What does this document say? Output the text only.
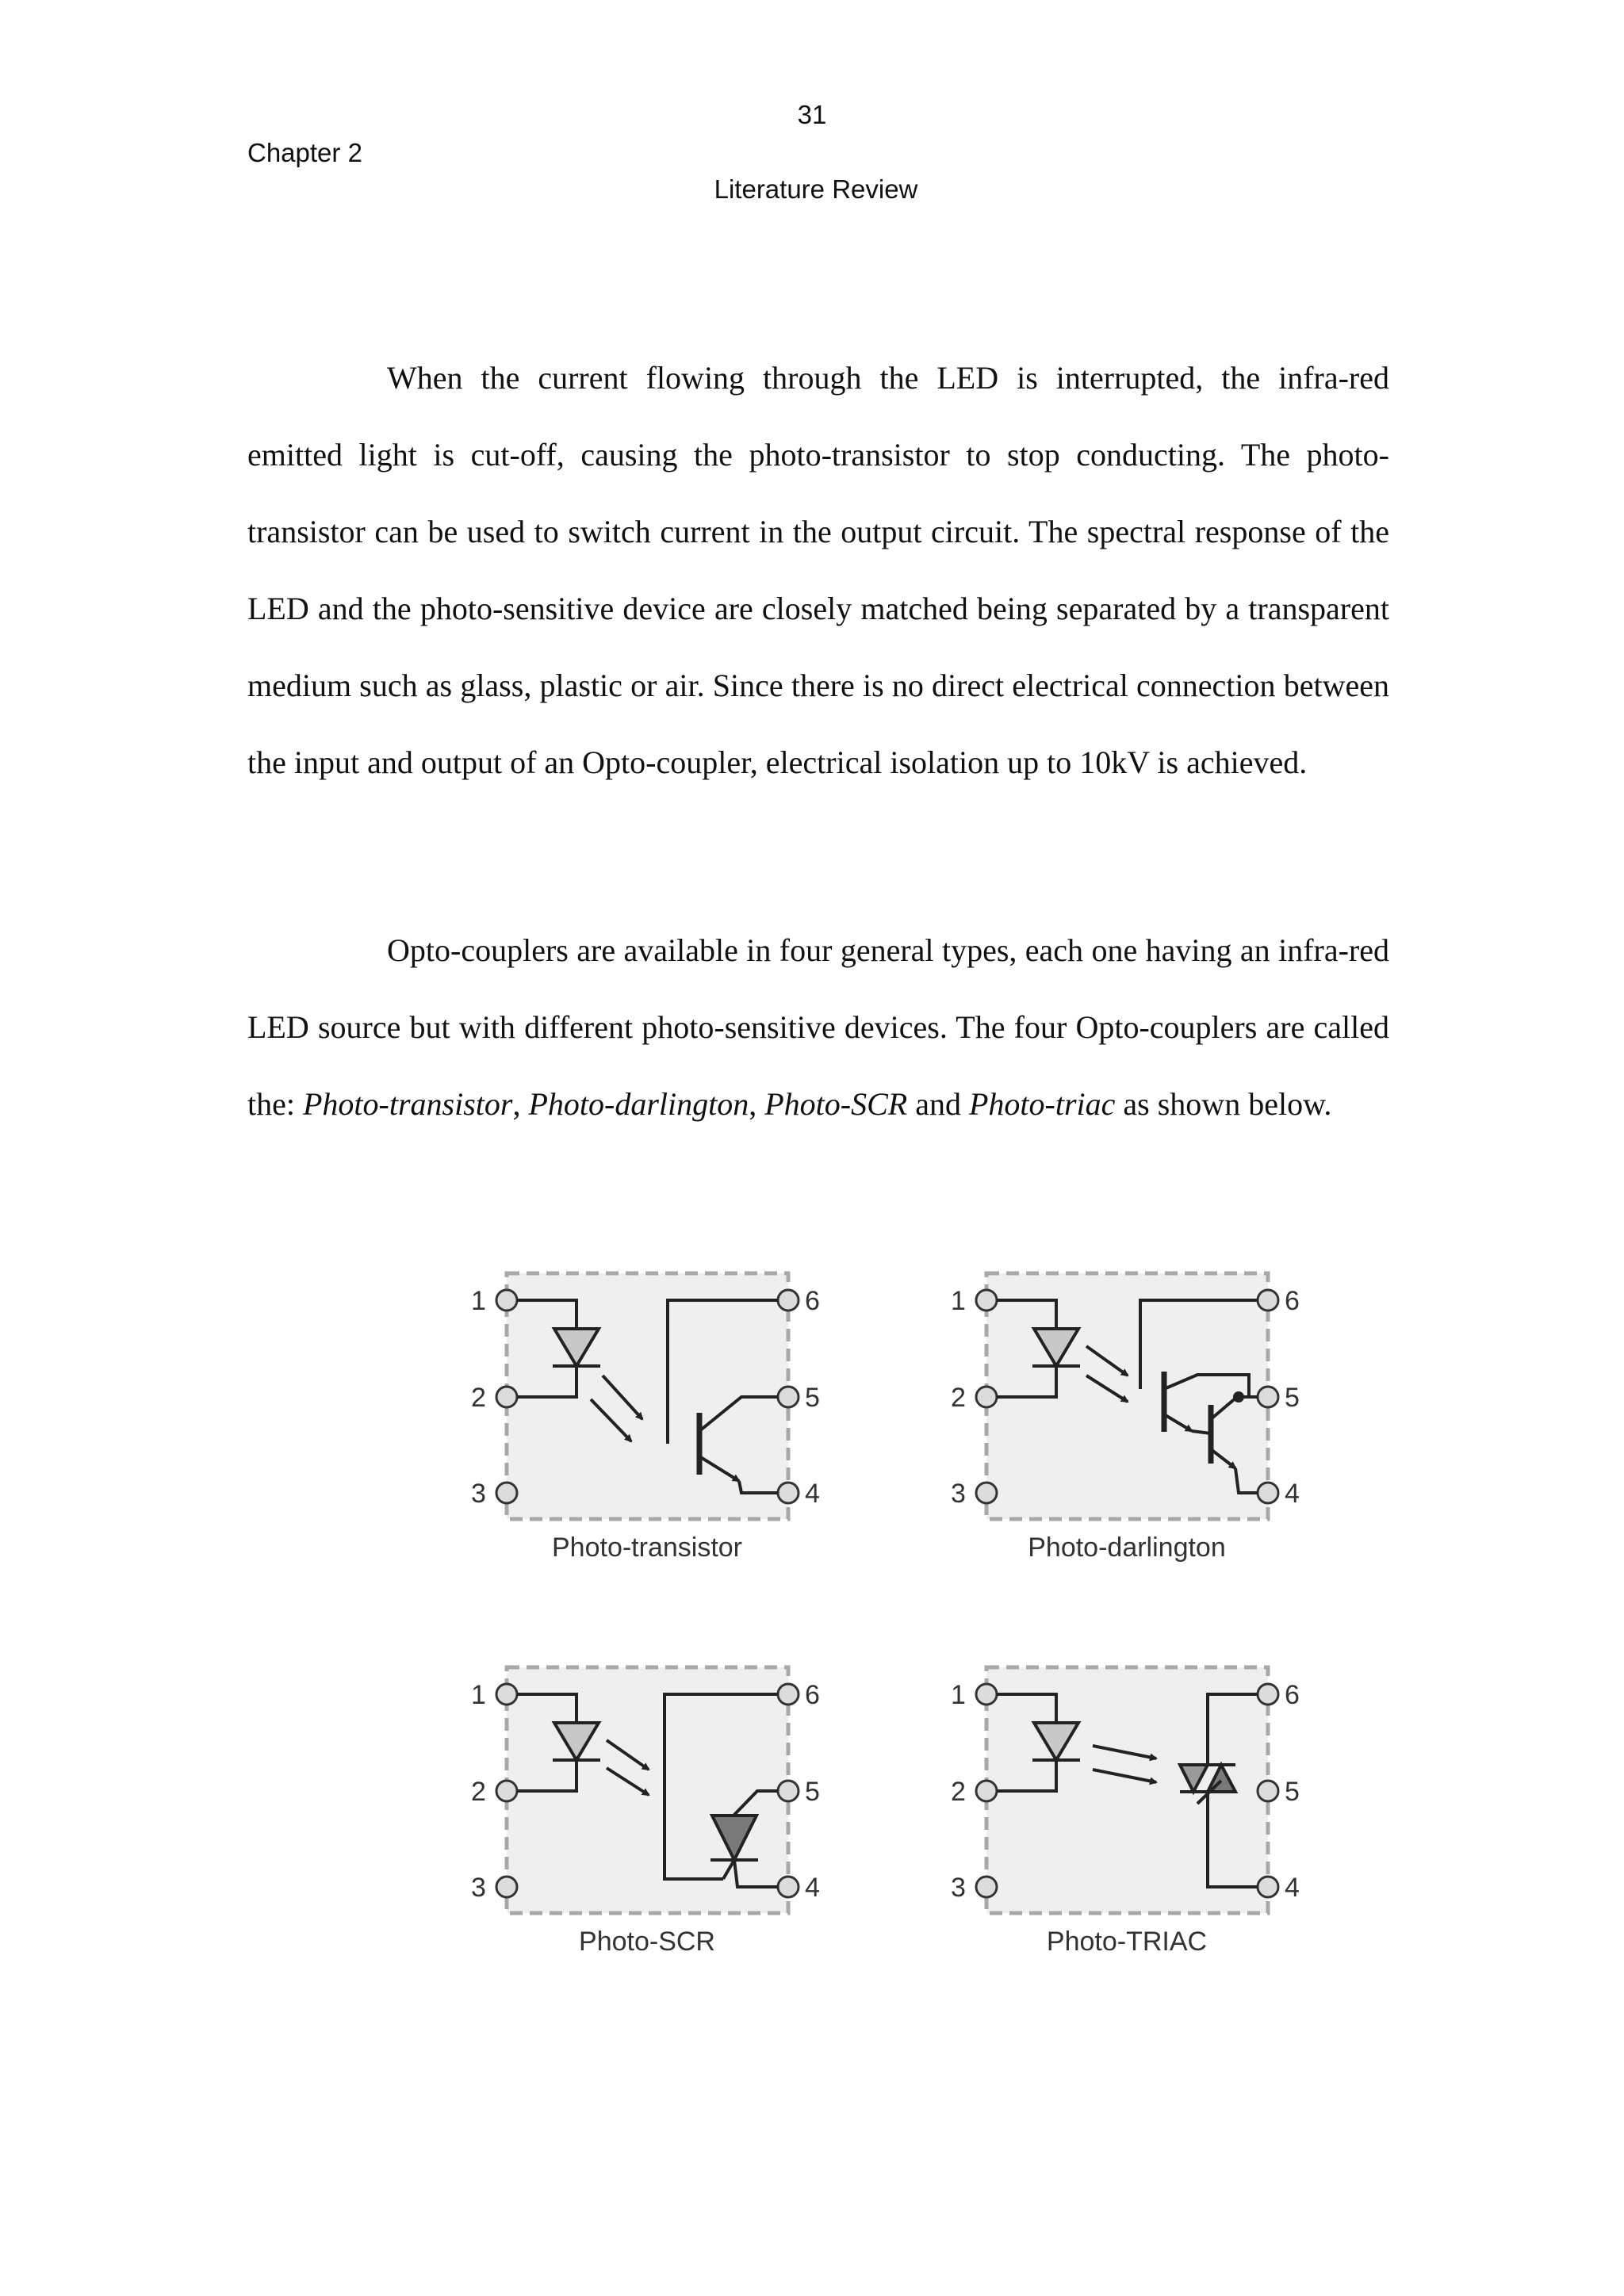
31
Chapter 2
Literature Review

When the current flowing through the LED is interrupted, the infra-red emitted light is cut-off, causing the photo-transistor to stop conducting. The photo-transistor can be used to switch current in the output circuit. The spectral response of the LED and the photo-sensitive device are closely matched being separated by a transparent medium such as glass, plastic or air. Since there is no direct electrical connection between the input and output of an Opto-coupler, electrical isolation up to 10kV is achieved.

Opto-couplers are available in four general types, each one having an infra-red LED source but with different photo-sensitive devices. The four Opto-couplers are called the: Photo-transistor, Photo-darlington, Photo-SCR and Photo-triac as shown below.

1
2
3
6
5
4
Photo-transistor
1
2
3
6
5
4
Photo-darlington
1
2
3
6
5
4
Photo-SCR
1
2
3
6
5
4
Photo-TRIAC
